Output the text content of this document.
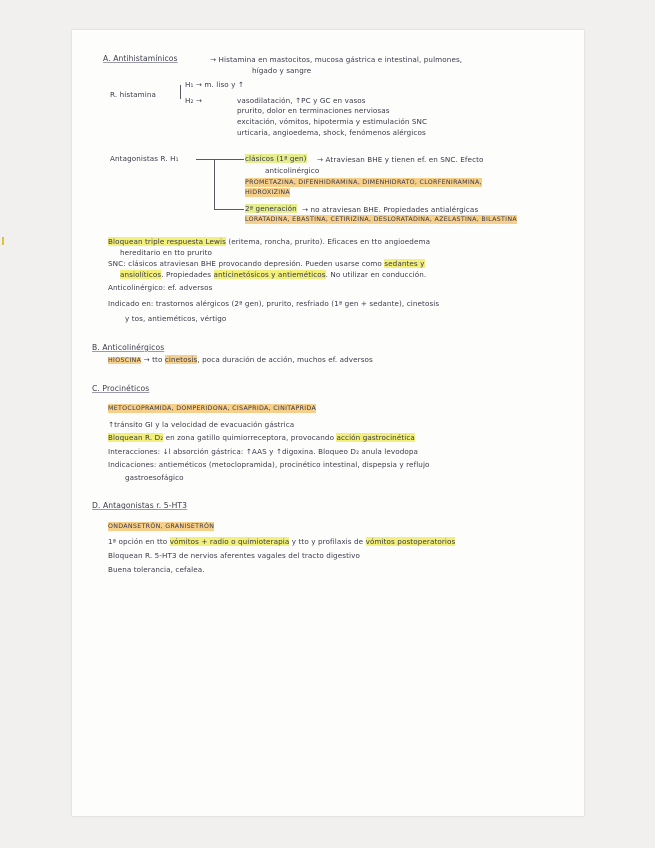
A. Antihistamínicos	→ Histamina en mastocitos, mucosa gástrica e intestinal, pulmones,
hígado y sangre
R. histamina
H₁ → m. liso y ↑
H₂ →	vasodilatación, ↑PC y GC en vasos
prurito, dolor en terminaciones nerviosas
excitación, vómitos, hipotermia y estimulación SNC
urticaria, angioedema, shock, fenómenos alérgicos
Antagonistas R. H₁	clásicos (1ª gen) → Atraviesan BHE y tienen ef. en SNC. Efecto
anticolinérgico
PROMETAZINA, DIFENHIDRAMINA, DIMENHIDRATO, CLORFENIRAMINA,
HIDROXIZINA
2ª generación → no atraviesan BHE. Propiedades antialérgicas
LORATADINA, EBASTINA, CETIRIZINA, DESLORATADINA, AZELASTINA, BILASTINA
Bloquean triple respuesta Lewis (eritema, roncha, prurito). Eficaces en tto angioedema
hereditario en tto prurito
SNC: clásicos atraviesan BHE provocando depresión. Pueden usarse como sedantes y
ansiolíticos. Propiedades anticinetósicos y antieméticos. No utilizar en conducción.
Anticolinérgico: ef. adversos
Indicado en: trastornos alérgicos (2ª gen), prurito, resfriado (1ª gen + sedante), cinetosis
y tos, antieméticos, vértigo
B. Anticolinérgicos
HIOSCINA → tto cinetosis, poca duración de acción, muchos ef. adversos
C. Procinéticos
METOCLOPRAMIDA, DOMPERIDONA, CISAPRIDA, CINITAPRIDA
↑tránsito GI y la velocidad de evacuación gástrica
Bloquean R. D₂ en zona gatillo quimiorreceptora, provocando acción gastrocinética
Interacciones: ↓l absorción gástrica: ↑AAS y ↑digoxina. Bloqueo D₂ anula levodopa
Indicaciones: antieméticos (metoclopramida), procinético intestinal, dispepsia y reflujo
gastroesofágico
D. Antagonistas r. 5-HT3
ONDANSETRÓN, GRANISETRÓN
1ª opción en tto vómitos + radio o quimioterapia y tto y profilaxis de vómitos postoperatorios
Bloquean R. 5-HT3 de nervios aferentes vagales del tracto digestivo
Buena tolerancia, cefalea.
